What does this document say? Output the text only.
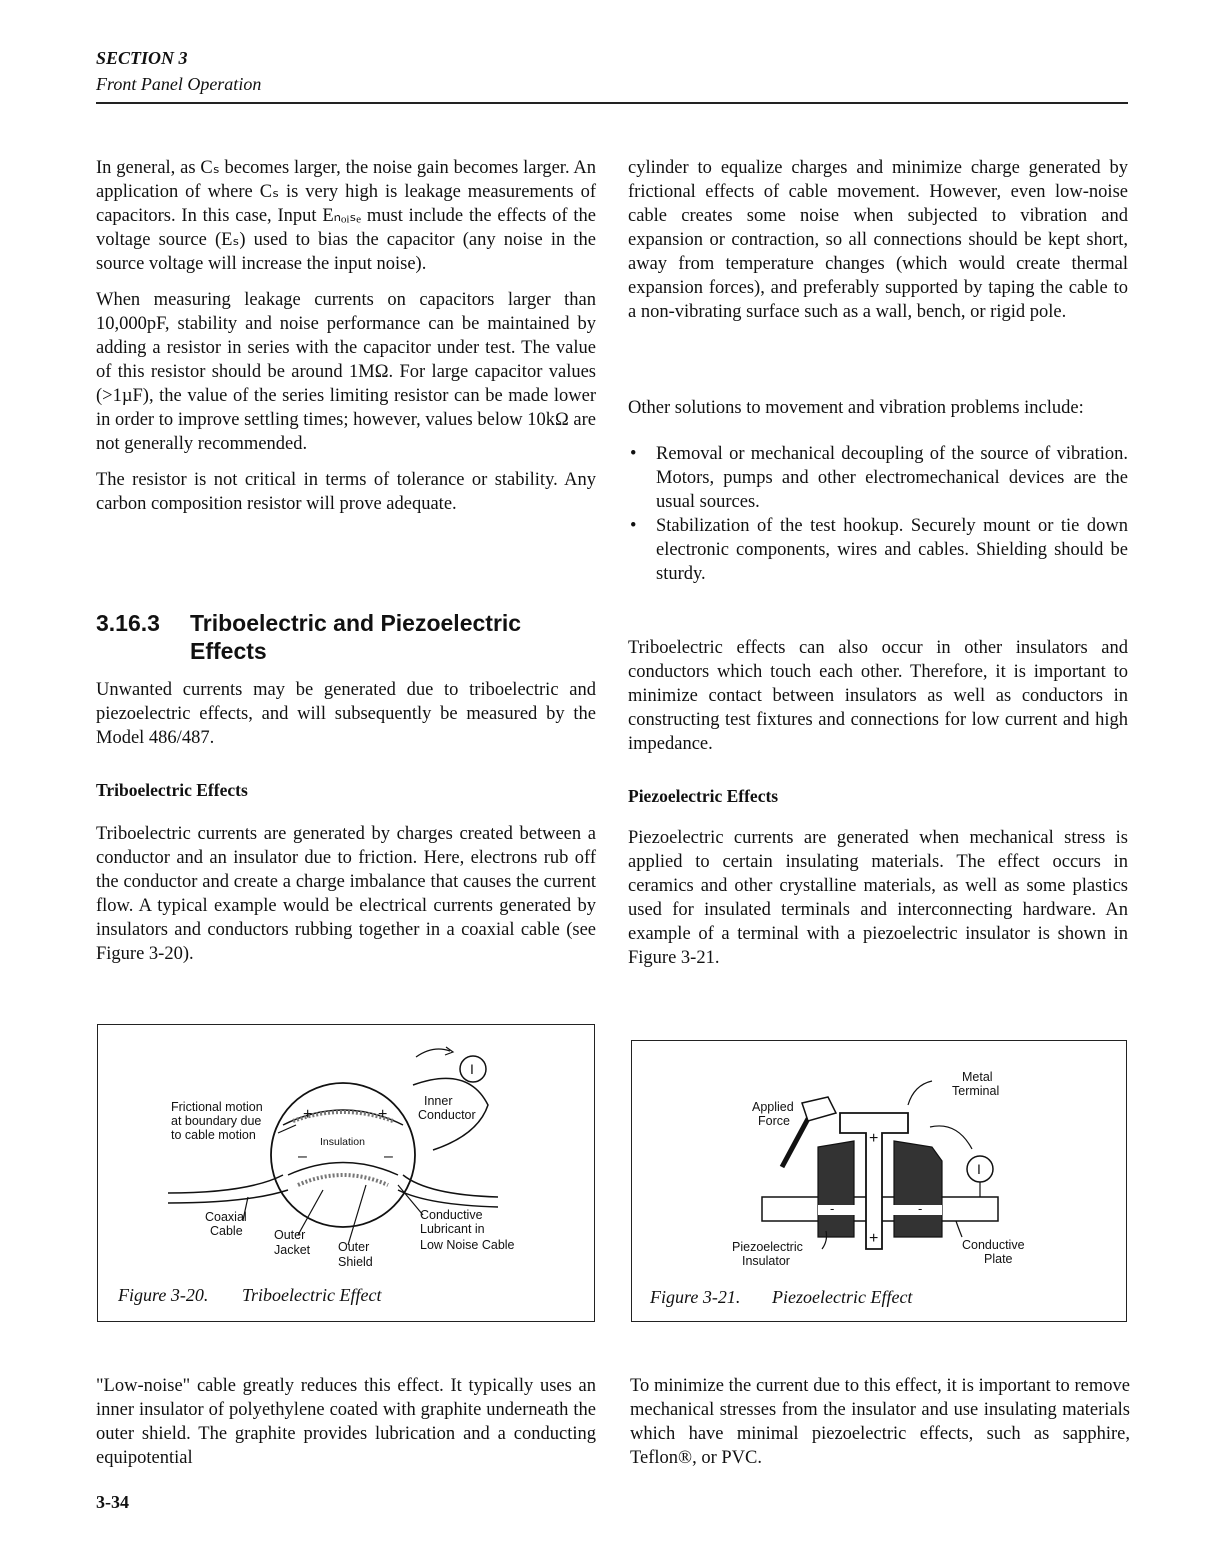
SECTION 3
Front Panel Operation

In general, as Cₛ becomes larger, the noise gain becomes larger. An application of where Cₛ is very high is leakage measurements of capacitors. In this case, Input Eₙₒᵢₛₑ must include the effects of the voltage source (Eₛ) used to bias the capacitor (any noise in the source voltage will increase the input noise).

When measuring leakage currents on capacitors larger than 10,000pF, stability and noise performance can be maintained by adding a resistor in series with the capacitor under test. The value of this resistor should be around 1MΩ. For large capacitor values (>1µF), the value of the series limiting resistor can be made lower in order to improve settling times; however, values below 10kΩ are not generally recommended.

The resistor is not critical in terms of tolerance or stability. Any carbon composition resistor will prove adequate.

3.16.3 Triboelectric and Piezoelectric
Effects

Unwanted currents may be generated due to triboelectric and piezoelectric effects, and will subsequently be measured by the Model 486/487.

Triboelectric Effects

Triboelectric currents are generated by charges created between a conductor and an insulator due to friction. Here, electrons rub off the conductor and create a charge imbalance that causes the current flow. A typical example would be electrical currents generated by insulators and conductors rubbing together in a coaxial cable (see Figure 3-20).

cylinder to equalize charges and minimize charge generated by frictional effects of cable movement. However, even low-noise cable creates some noise when subjected to vibration and expansion or contraction, so all connections should be kept short, away from temperature changes (which would create thermal expansion forces), and preferably supported by taping the cable to a non-vibrating surface such as a wall, bench, or rigid pole.

Other solutions to movement and vibration problems include:

• Removal or mechanical decoupling of the source of vibration. Motors, pumps and other electromechanical devices are the usual sources.
• Stabilization of the test hookup. Securely mount or tie down electronic components, wires and cables. Shielding should be sturdy.

Triboelectric effects can also occur in other insulators and conductors which touch each other. Therefore, it is important to minimize contact between insulators as well as conductors in constructing test fixtures and connections for low current and high impedance.

Piezoelectric Effects

Piezoelectric currents are generated when mechanical stress is applied to certain insulating materials. The effect occurs in ceramics and other crystalline materials, as well as some plastics used for insulated terminals and interconnecting hardware. An example of a terminal with a piezoelectric insulator is shown in Figure 3-21.

+	+
–	–
I
Frictional motion
at boundary due
to cable motion	Insulation
Inner
Conductor
Coaxial
Cable	Outer
Jacket Outer
Shield
Conductive
Lubricant in
Low Noise Cable
Figure 3-20. Triboelectric Effect
+
+
-	-
I
Metal
Terminal
Applied
Force
Piezoelectric
Insulator
Conductive
Plate
Figure 3-21. Piezoelectric Effect

"Low-noise" cable greatly reduces this effect. It typically uses an inner insulator of polyethylene coated with graphite underneath the outer shield. The graphite provides lubrication and a conducting equipotential

To minimize the current due to this effect, it is important to remove mechanical stresses from the insulator and use insulating materials which have minimal piezoelectric effects, such as sapphire, Teflon®, or PVC.

3-34
